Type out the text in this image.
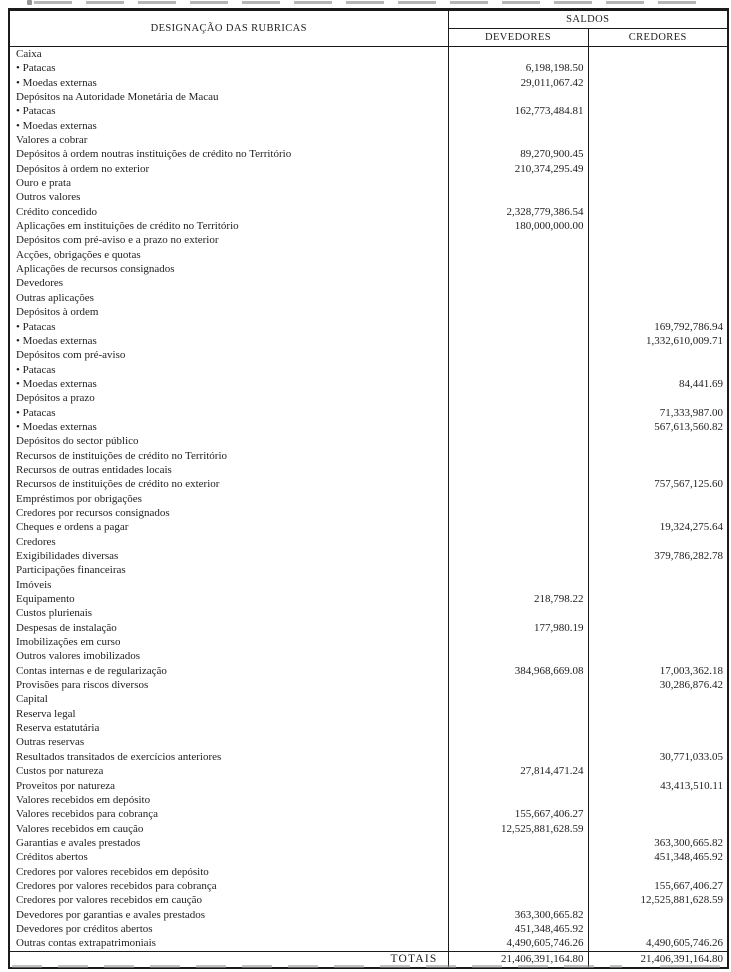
DESIGNAÇÃO DAS RUBRICAS	SALDOS	
	DEVEDORES	CREDORES
Caixa		
• Patacas	6,198,198.50	
• Moedas externas	29,011,067.42	
Depósitos na Autoridade Monetária de Macau		
• Patacas	162,773,484.81	
• Moedas externas		
Valores a cobrar		
Depósitos à ordem noutras instituições de crédito no Território	89,270,900.45	
Depósitos à ordem no exterior	210,374,295.49	
Ouro e prata		
Outros valores		
Crédito concedido	2,328,779,386.54	
Aplicações em instituições de crédito no Território	180,000,000.00	
Depósitos com pré-aviso e a prazo no exterior		
Acções, obrigações e quotas		
Aplicações de recursos consignados		
Devedores		
Outras aplicações		
Depósitos à ordem		
• Patacas		169,792,786.94
• Moedas externas		1,332,610,009.71
Depósitos com pré-aviso		
• Patacas		
• Moedas externas		84,441.69
Depósitos a prazo		
• Patacas		71,333,987.00
• Moedas externas		567,613,560.82
Depósitos do sector público		
Recursos de instituições de crédito no Território		
Recursos de outras entidades locais		
Recursos de instituições de crédito no exterior		757,567,125.60
Empréstimos por obrigações		
Credores por recursos consignados		
Cheques e ordens a pagar		19,324,275.64
Credores		
Exigibilidades diversas		379,786,282.78
Participações financeiras		
Imóveis		
Equipamento	218,798.22	
Custos plurienais		
Despesas de instalação	177,980.19	
Imobilizações em curso		
Outros valores imobilizados		
Contas internas e de regularização	384,968,669.08	17,003,362.18
Provisões para riscos diversos		30,286,876.42
Capital		
Reserva legal		
Reserva estatutária		
Outras reservas		
Resultados transitados de exercícios anteriores		30,771,033.05
Custos por natureza	27,814,471.24	
Proveitos por natureza		43,413,510.11
Valores recebidos em depósito		
Valores recebidos para cobrança	155,667,406.27	
Valores recebidos em caução	12,525,881,628.59	
Garantias e avales prestados		363,300,665.82
Créditos abertos		451,348,465.92
Credores por valores recebidos em depósito		
Credores por valores recebidos para cobrança		155,667,406.27
Credores por valores recebidos em caução		12,525,881,628.59
Devedores por garantias e avales prestados	363,300,665.82	
Devedores por créditos abertos	451,348,465.92	
Outras contas extrapatrimoniais	4,490,605,746.26	4,490,605,746.26
TOTAIS	21,406,391,164.80	21,406,391,164.80
